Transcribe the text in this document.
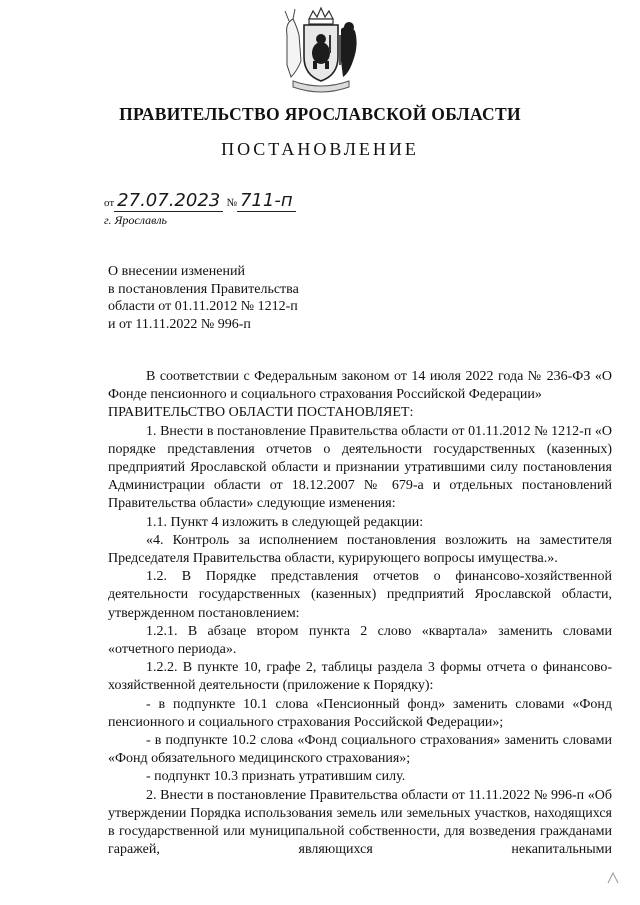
ПРАВИТЕЛЬСТВО ЯРОСЛАВСКОЙ ОБЛАСТИ
ПОСТАНОВЛЕНИЕ
от 27.07.2023 № 711-п
г. Ярославль
О внесении изменений
в постановления Правительства
области от 01.11.2012 № 1212-п
и от 11.11.2022 № 996-п
В соответствии с Федеральным законом от 14 июля 2022 года № 236-ФЗ «О Фонде пенсионного и социального страхования Российской Федерации»
ПРАВИТЕЛЬСТВО ОБЛАСТИ ПОСТАНОВЛЯЕТ:
1. Внести в постановление Правительства области от 01.11.2012 № 1212-п «О порядке представления отчетов о деятельности государственных (казенных) предприятий Ярославской области и признании утратившими силу постановления Администрации области от 18.12.2007 № 679-а и отдельных постановлений Правительства области» следующие изменения:
1.1. Пункт 4 изложить в следующей редакции:
«4. Контроль за исполнением постановления возложить на заместителя Председателя Правительства области, курирующего вопросы имущества.».
1.2. В Порядке представления отчетов о финансово-хозяйственной деятельности государственных (казенных) предприятий Ярославской области, утвержденном постановлением:
1.2.1. В абзаце втором пункта 2 слово «квартала» заменить словами «отчетного периода».
1.2.2. В пункте 10, графе 2, таблицы раздела 3 формы отчета о финансово-хозяйственной деятельности (приложение к Порядку):
- в подпункте 10.1 слова «Пенсионный фонд» заменить словами «Фонд пенсионного и социального страхования Российской Федерации»;
- в подпункте 10.2 слова «Фонд социального страхования» заменить словами «Фонд обязательного медицинского страхования»;
- подпункт 10.3 признать утратившим силу.
2. Внести в постановление Правительства области от 11.11.2022 № 996-п «Об утверждении Порядка использования земель или земельных участков, находящихся в государственной или муниципальной собственности, для возведения гражданами гаражей, являющихся некапитальными
